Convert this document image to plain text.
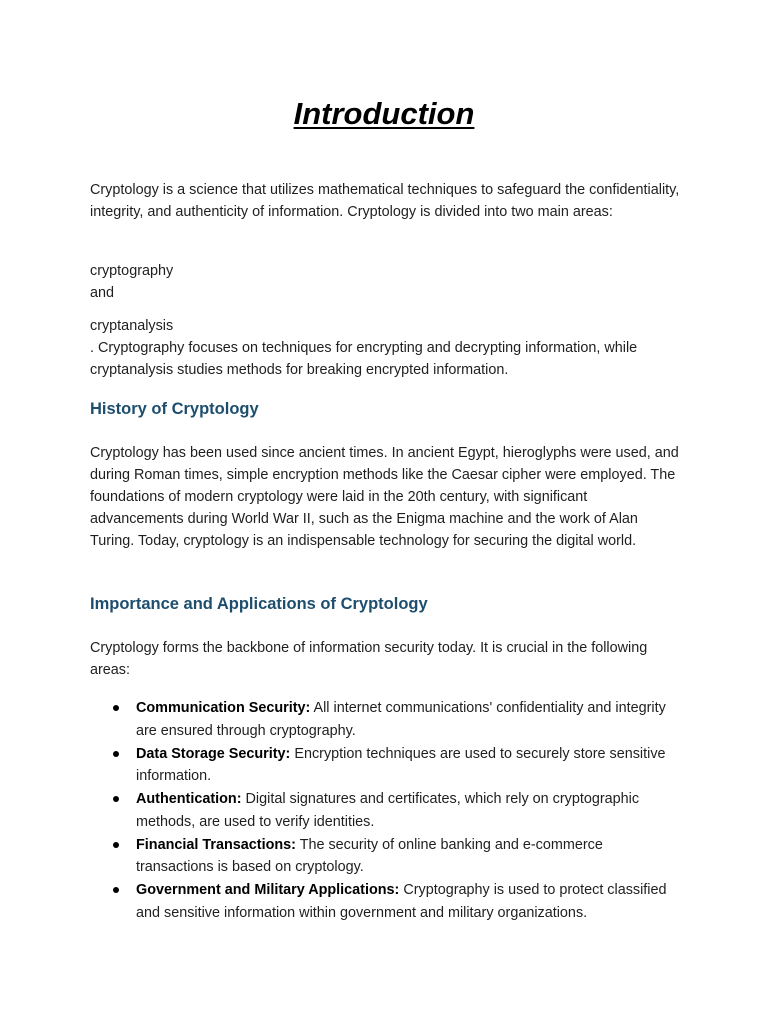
Introduction

Cryptology is a science that utilizes mathematical techniques to safeguard the confidentiality, integrity, and authenticity of information. Cryptology is divided into two main areas:

cryptography

and

cryptanalysis

. Cryptography focuses on techniques for encrypting and decrypting information, while cryptanalysis studies methods for breaking encrypted information.

History of Cryptology

Cryptology has been used since ancient times. In ancient Egypt, hieroglyphs were used, and during Roman times, simple encryption methods like the Caesar cipher were employed. The foundations of modern cryptology were laid in the 20th century, with significant advancements during World War II, such as the Enigma machine and the work of Alan Turing. Today, cryptology is an indispensable technology for securing the digital world.

Importance and Applications of Cryptology

Cryptology forms the backbone of information security today. It is crucial in the following areas:

Communication Security: All internet communications' confidentiality and integrity are ensured through cryptography.
Data Storage Security: Encryption techniques are used to securely store sensitive information.
Authentication: Digital signatures and certificates, which rely on cryptographic methods, are used to verify identities.
Financial Transactions: The security of online banking and e-commerce transactions is based on cryptology.
Government and Military Applications: Cryptography is used to protect classified and sensitive information within government and military organizations.
